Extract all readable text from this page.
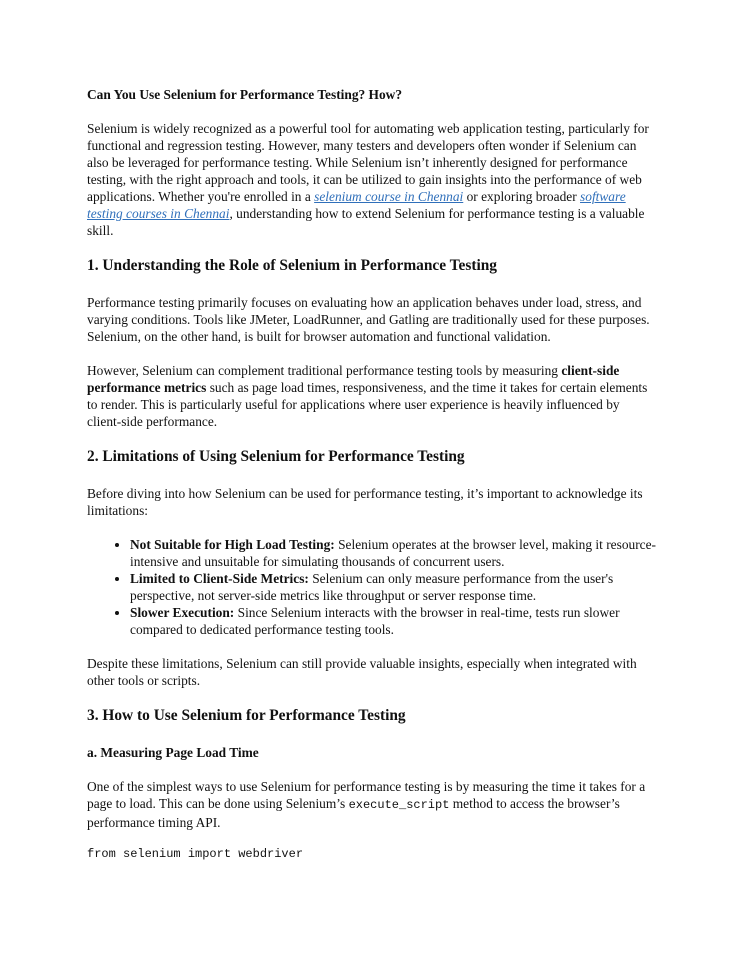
Can You Use Selenium for Performance Testing? How?

Selenium is widely recognized as a powerful tool for automating web application testing, particularly for functional and regression testing. However, many testers and developers often wonder if Selenium can also be leveraged for performance testing. While Selenium isn’t inherently designed for performance testing, with the right approach and tools, it can be utilized to gain insights into the performance of web applications. Whether you're enrolled in a selenium course in Chennai or exploring broader software testing courses in Chennai, understanding how to extend Selenium for performance testing is a valuable skill.

1. Understanding the Role of Selenium in Performance Testing

Performance testing primarily focuses on evaluating how an application behaves under load, stress, and varying conditions. Tools like JMeter, LoadRunner, and Gatling are traditionally used for these purposes. Selenium, on the other hand, is built for browser automation and functional validation.

However, Selenium can complement traditional performance testing tools by measuring client-side performance metrics such as page load times, responsiveness, and the time it takes for certain elements to render. This is particularly useful for applications where user experience is heavily influenced by client-side performance.

2. Limitations of Using Selenium for Performance Testing

Before diving into how Selenium can be used for performance testing, it’s important to acknowledge its limitations:

• Not Suitable for High Load Testing: Selenium operates at the browser level, making it resource-intensive and unsuitable for simulating thousands of concurrent users.
• Limited to Client-Side Metrics: Selenium can only measure performance from the user's perspective, not server-side metrics like throughput or server response time.
• Slower Execution: Since Selenium interacts with the browser in real-time, tests run slower compared to dedicated performance testing tools.

Despite these limitations, Selenium can still provide valuable insights, especially when integrated with other tools or scripts.

3. How to Use Selenium for Performance Testing
a. Measuring Page Load Time

One of the simplest ways to use Selenium for performance testing is by measuring the time it takes for a page to load. This can be done using Selenium’s execute_script method to access the browser’s performance timing API.

from selenium import webdriver
